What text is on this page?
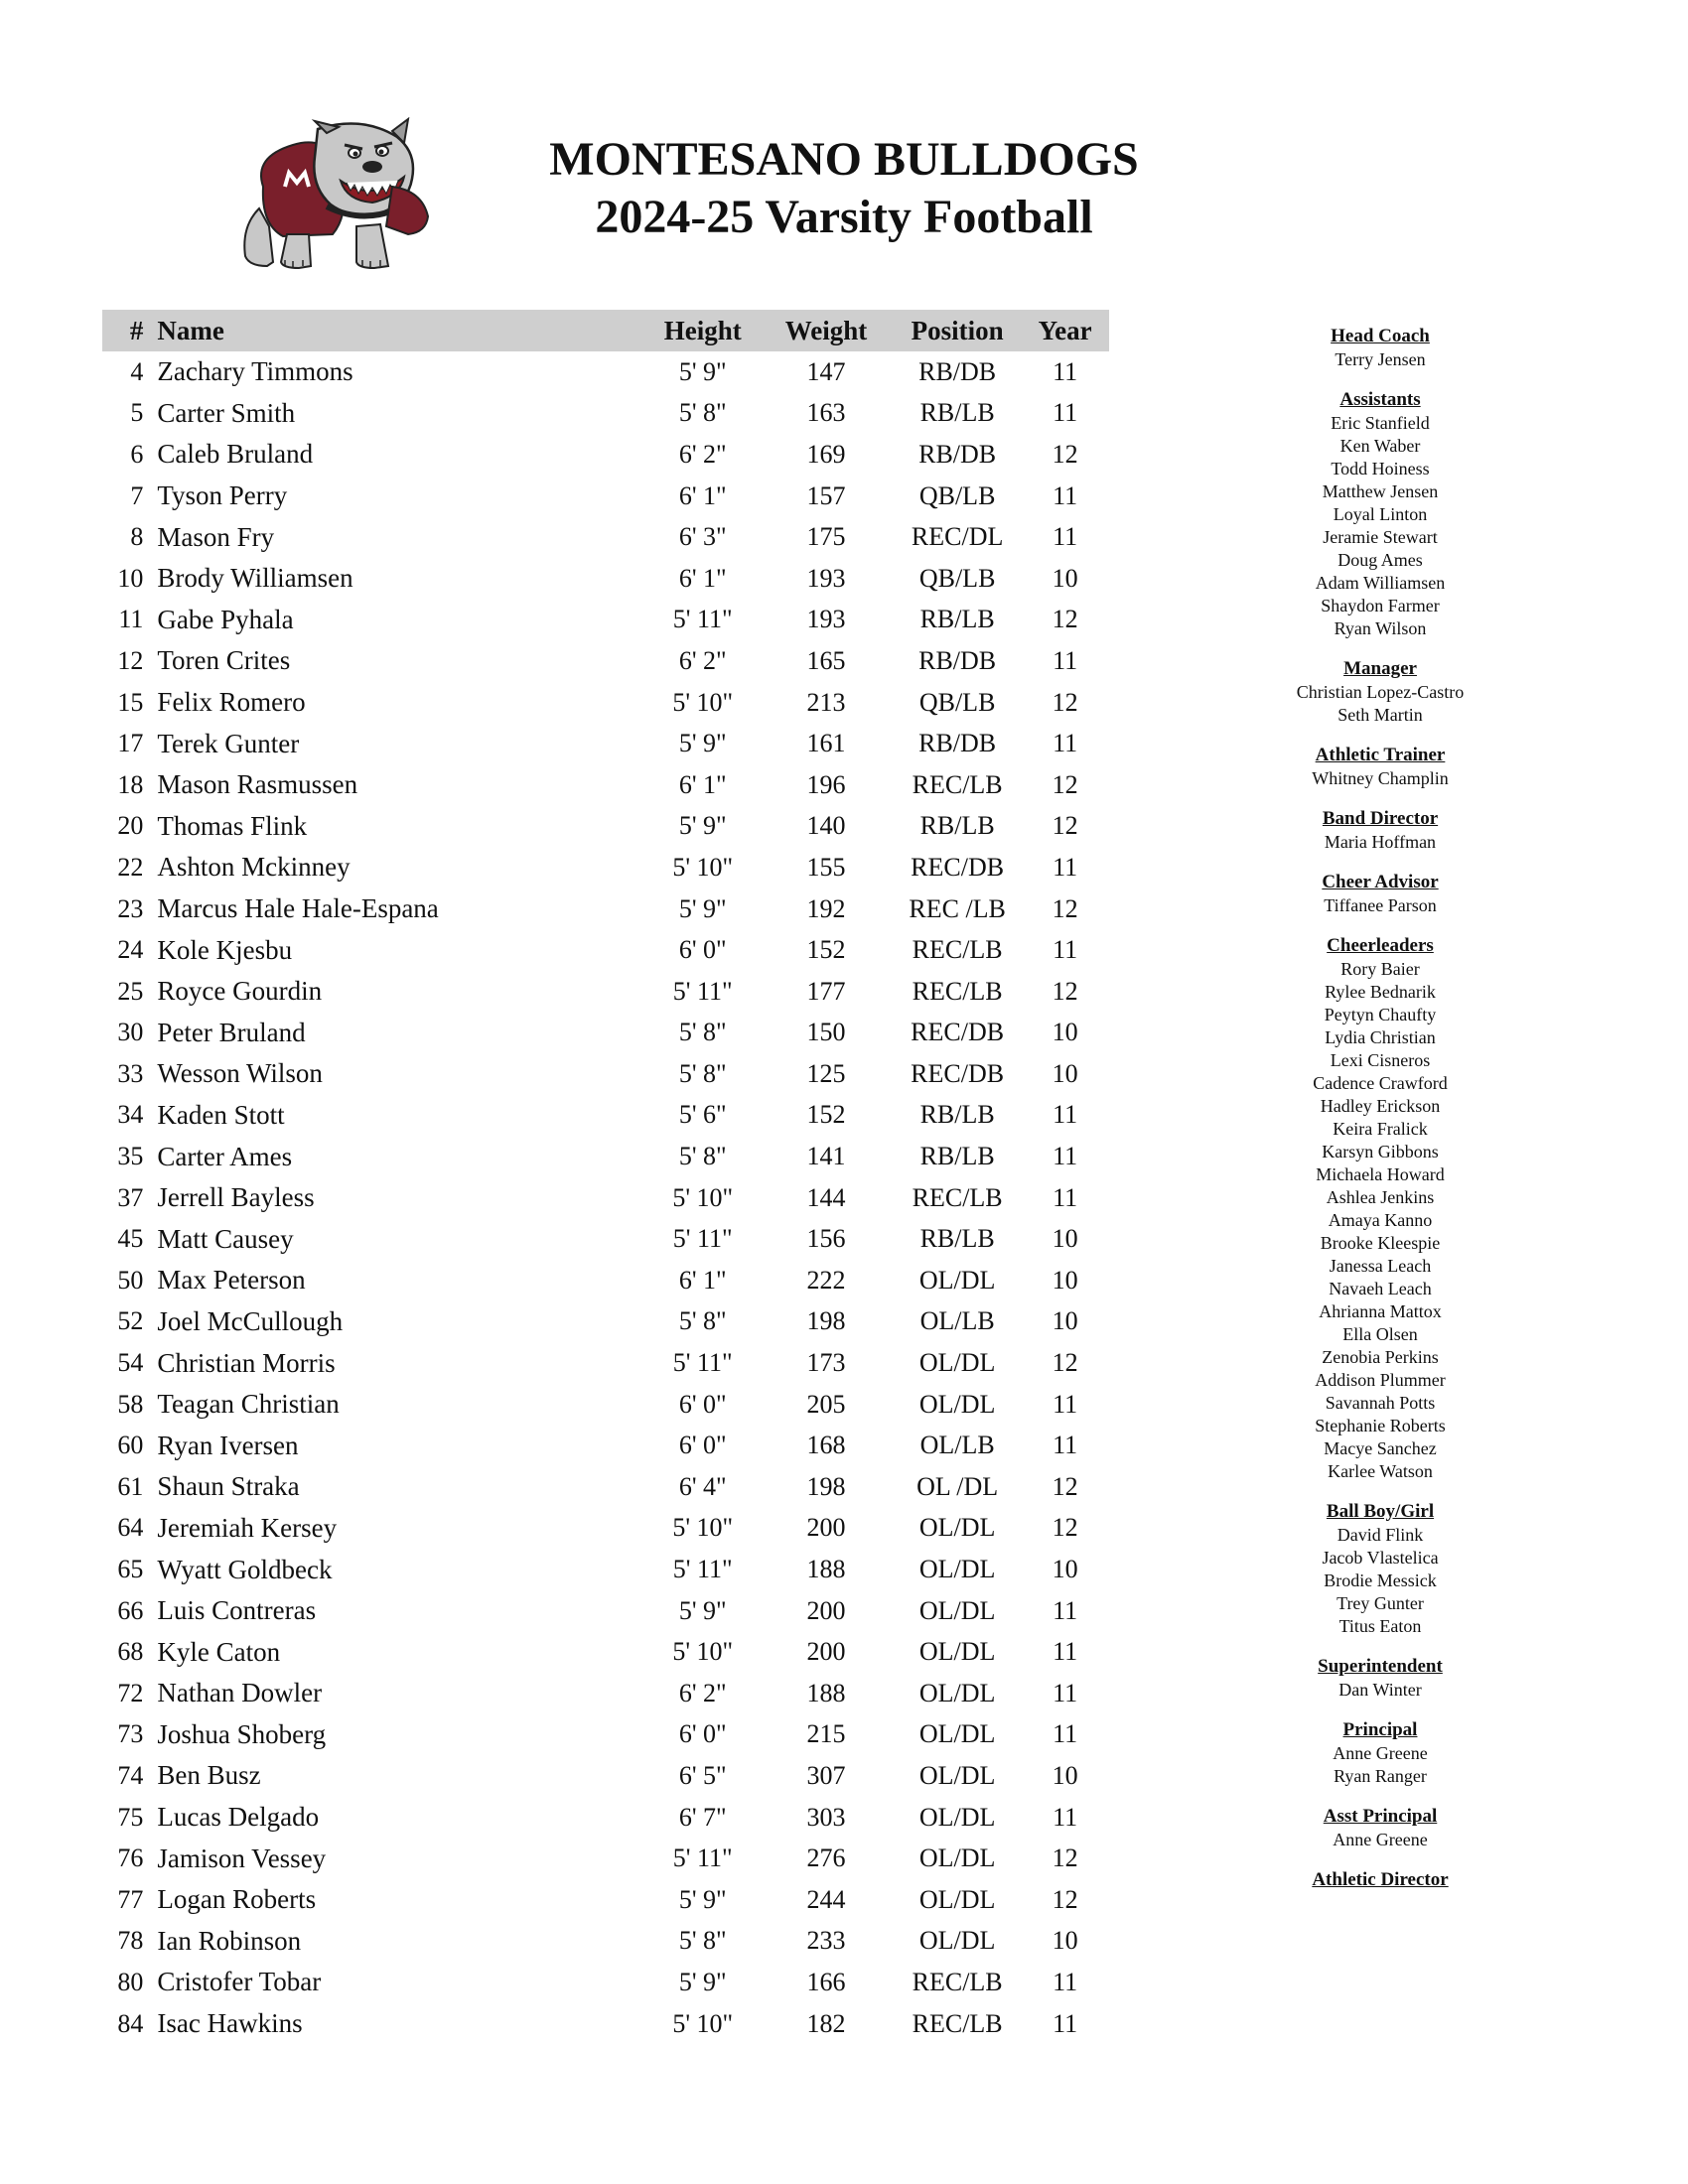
MONTESANO BULLDOGS
2024-25 Varsity Football
# Name	Height	Weight	Position	Year
4 Zachary Timmons	5' 9"	147	RB/DB	11
5 Carter Smith	5' 8"	163	RB/LB	11
6 Caleb Bruland	6' 2"	169	RB/DB	12
7 Tyson Perry	6' 1"	157	QB/LB	11
8 Mason Fry	6' 3"	175	REC/DL	11
10 Brody Williamsen	6' 1"	193	QB/LB	10
11 Gabe Pyhala	5' 11"	193	RB/LB	12
12 Toren Crites	6' 2"	165	RB/DB	11
15 Felix Romero	5' 10"	213	QB/LB	12
17 Terek Gunter	5' 9"	161	RB/DB	11
18 Mason Rasmussen	6' 1"	196	REC/LB	12
20 Thomas Flink	5' 9"	140	RB/LB	12
22 Ashton Mckinney	5' 10"	155	REC/DB	11
23 Marcus Hale Hale-Espana	5' 9"	192	REC /LB	12
24 Kole Kjesbu	6' 0"	152	REC/LB	11
25 Royce Gourdin	5' 11"	177	REC/LB	12
30 Peter Bruland	5' 8"	150	REC/DB	10
33 Wesson Wilson	5' 8"	125	REC/DB	10
34 Kaden Stott	5' 6"	152	RB/LB	11
35 Carter Ames	5' 8"	141	RB/LB	11
37 Jerrell Bayless	5' 10"	144	REC/LB	11
45 Matt Causey	5' 11"	156	RB/LB	10
50 Max Peterson	6' 1"	222	OL/DL	10
52 Joel McCullough	5' 8"	198	OL/LB	10
54 Christian Morris	5' 11"	173	OL/DL	12
58 Teagan Christian	6' 0"	205	OL/DL	11
60 Ryan Iversen	6' 0"	168	OL/LB	11
61 Shaun Straka	6' 4"	198	OL /DL	12
64 Jeremiah Kersey	5' 10"	200	OL/DL	12
65 Wyatt Goldbeck	5' 11"	188	OL/DL	10
66 Luis Contreras	5' 9"	200	OL/DL	11
68 Kyle Caton	5' 10"	200	OL/DL	11
72 Nathan Dowler	6' 2"	188	OL/DL	11
73 Joshua Shoberg	6' 0"	215	OL/DL	11
74 Ben Busz	6' 5"	307	OL/DL	10
75 Lucas Delgado	6' 7"	303	OL/DL	11
76 Jamison Vessey	5' 11"	276	OL/DL	12
77 Logan Roberts	5' 9"	244	OL/DL	12
78 Ian Robinson	5' 8"	233	OL/DL	10
80 Cristofer Tobar	5' 9"	166	REC/LB	11
84 Isac Hawkins	5' 10"	182	REC/LB	11
Head Coach
Terry Jensen
Assistants
Eric Stanfield
Ken Waber
Todd Hoiness
Matthew Jensen
Loyal Linton
Jeramie Stewart
Doug Ames
Adam Williamsen
Shaydon Farmer
Ryan Wilson
Manager
Christian Lopez-Castro
Seth Martin
Athletic Trainer
Whitney Champlin
Band Director
Maria Hoffman
Cheer Advisor
Tiffanee Parson
Cheerleaders
Rory Baier
Rylee Bednarik
Peytyn Chaufty
Lydia Christian
Lexi Cisneros
Cadence Crawford
Hadley Erickson
Keira Fralick
Karsyn Gibbons
Michaela Howard
Ashlea Jenkins
Amaya Kanno
Brooke Kleespie
Janessa Leach
Navaeh Leach
Ahrianna Mattox
Ella Olsen
Zenobia Perkins
Addison Plummer
Savannah Potts
Stephanie Roberts
Macye Sanchez
Karlee Watson
Ball Boy/Girl
David Flink
Jacob Vlastelica
Brodie Messick
Trey Gunter
Titus Eaton
Superintendent
Dan Winter
Principal
Anne Greene
Ryan Ranger
Asst Principal
Anne Greene
Athletic Director
